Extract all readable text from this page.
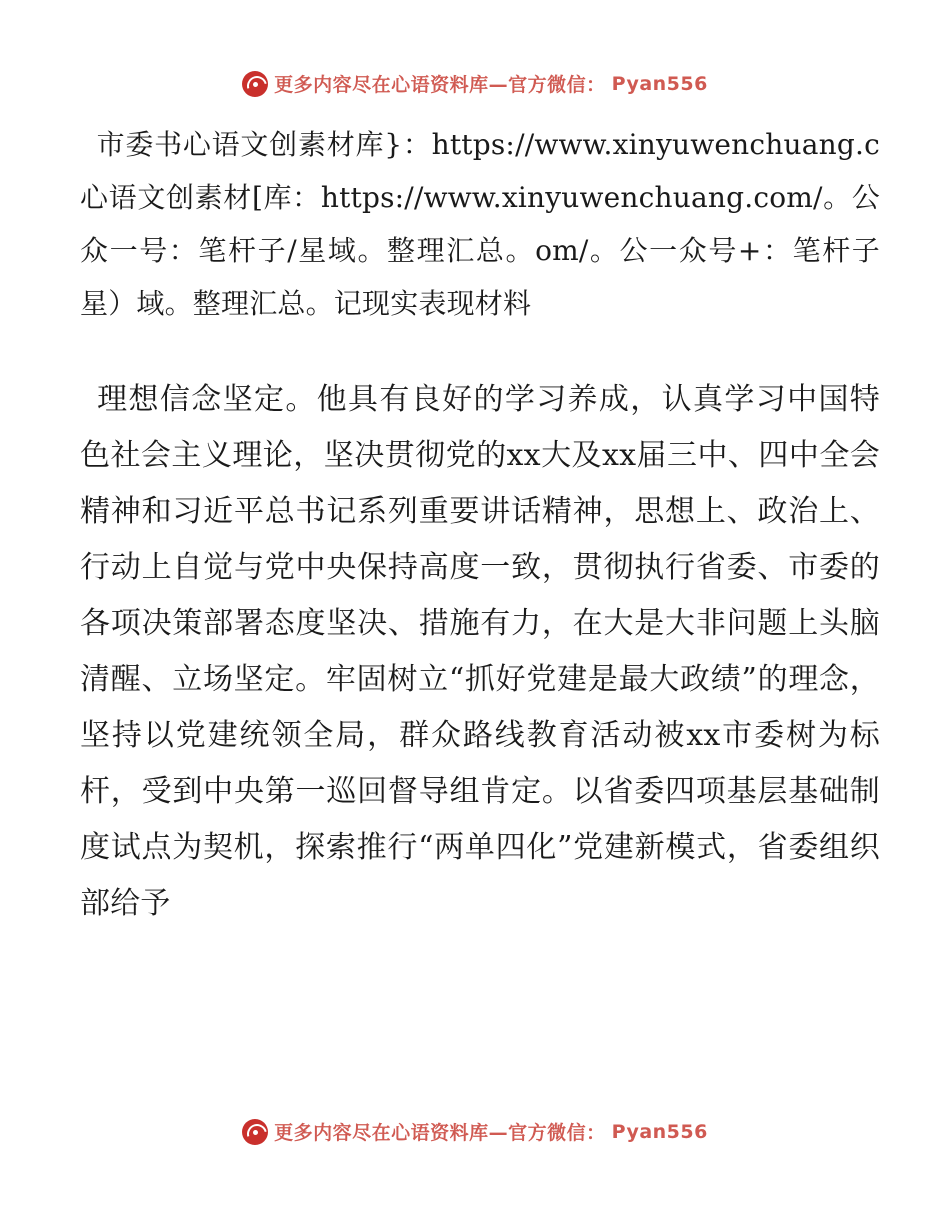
更多内容尽在心语资料库—官方微信： Pyan556

市委书心语文创素材库}：https://www.xinyuwenchuang.c心语文创素材[库：https://www.xinyuwenchuang.com/。公众一号：笔杆子/星域。整理汇总。om/。公一众号+：笔杆子星）域。整理汇总。记现实表现材料

理想信念坚定。他具有良好的学习养成，认真学习中国特色社会主义理论，坚决贯彻党的xx大及xx届三中、四中全会精神和习近平总书记系列重要讲话精神，思想上、政治上、行动上自觉与党中央保持高度一致，贯彻执行省委、市委的各项决策部署态度坚决、措施有力，在大是大非问题上头脑清醒、立场坚定。牢固树立“抓好党建是最大政绩”的理念，坚持以党建统领全局，群众路线教育活动被xx市委树为标杆，受到中央第一巡回督导组肯定。以省委四项基层基础制度试点为契机，探索推行“两单四化”党建新模式，省委组织部给予

更多内容尽在心语资料库—官方微信： Pyan556
